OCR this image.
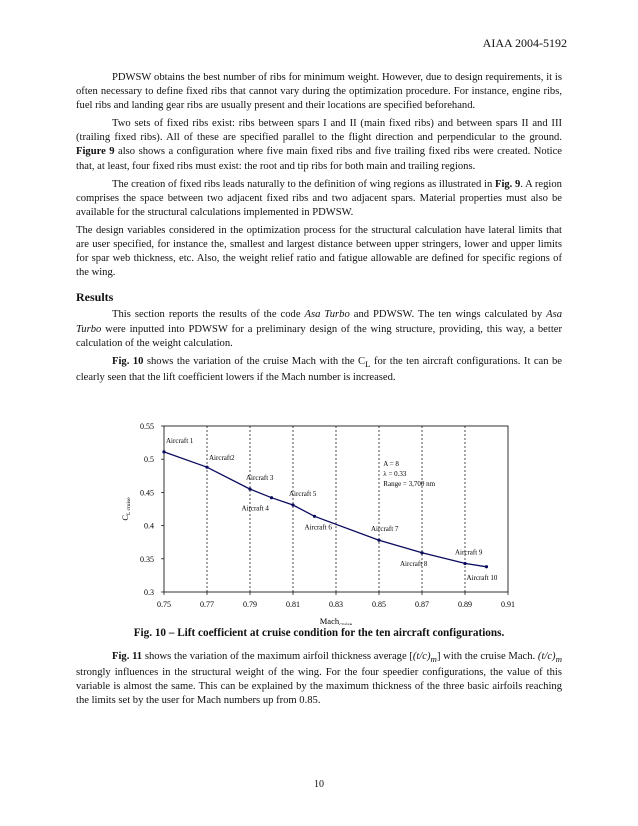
AIAA 2004-5192

PDWSW obtains the best number of ribs for minimum weight. However, due to design requirements, it is often necessary to define fixed ribs that cannot vary during the optimization procedure. For instance, engine ribs, fuel ribs and landing gear ribs are usually present and their locations are specified beforehand.

Two sets of fixed ribs exist: ribs between spars I and II (main fixed ribs) and between spars II and III (trailing fixed ribs). All of these are specified parallel to the flight direction and perpendicular to the ground. Figure 9 also shows a configuration where five main fixed ribs and five trailing fixed ribs were created. Notice that, at least, four fixed ribs must exist: the root and tip ribs for both main and trailing regions.

The creation of fixed ribs leads naturally to the definition of wing regions as illustrated in Fig. 9. A region comprises the space between two adjacent fixed ribs and two adjacent spars. Material properties must also be available for the structural calculations implemented in PDWSW.

The design variables considered in the optimization process for the structural calculation have lateral limits that are user specified, for instance the, smallest and largest distance between upper stringers, lower and upper limits for spar web thickness, etc. Also, the weight relief ratio and fatigue allowable are defined for specific regions of the wing.

Results

This section reports the results of the code Asa Turbo and PDWSW. The ten wings calculated by Asa Turbo were inputted into PDWSW for a preliminary design of the wing structure, providing, this way, a better calculation of the weight calculation.

Fig. 10 shows the variation of the cruise Mach with the $C_L$ for the ten aircraft configurations. It can be clearly seen that the lift coefficient lowers if the Mach number is increased.

0.75	0.77	0.79	0.81	0.83	0.85	0.87	0.89	0.91
0.3
0.35
0.4
0.45
0.5
0.55
Mach$_{cruise}$
$C_{L cruise}$
Aircraft 1
Aircraft2
Aircraft 3
Aircraft 4
Aircraft 5
Aircraft 6	Aircraft 7
Aircraft 8
Aircraft 9
Aircraft 10
A = 8
λ = 0.33
Range = 3,700 nm
Fig. 10 – Lift coefficient at cruise condition for the ten aircraft configurations.

Fig. 11 shows the variation of the maximum airfoil thickness average $[(t/c)_m]$ with the cruise Mach. $(t/c)_m$ strongly influences in the structural weight of the wing. For the four speedier configurations, the value of this variable is almost the same. This can be explained by the maximum thickness of the three basic airfoils reaching the limits set by the user for Mach numbers up from 0.85.

10
